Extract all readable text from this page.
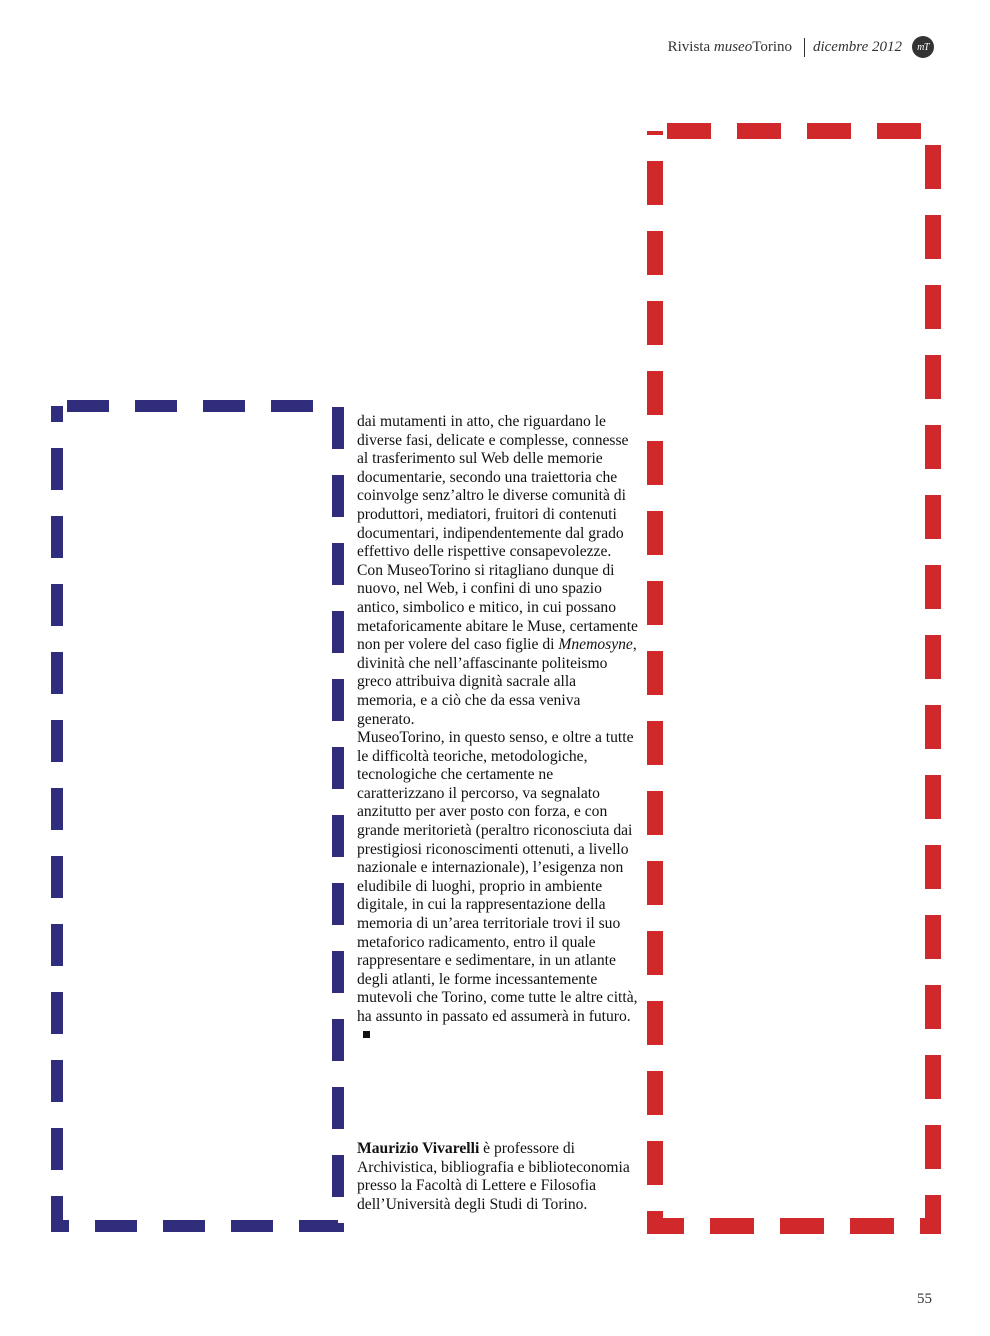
Rivista museoTorino dicembre 2012	mT

dai mutamenti in atto, che riguardano le diverse fasi, delicate e complesse, connesse al trasferimento sul Web delle memorie documentarie, secondo una traiettoria che coinvolge senz’altro le diverse comunità di produttori, mediatori, fruitori di contenuti documentari, indipendentemente dal grado effettivo delle rispettive consapevolezze. Con MuseoTorino si ritagliano dunque di nuovo, nel Web, i confini di uno spazio antico, simbolico e mitico, in cui possano metaforicamente abitare le Muse, certamente non per volere del caso figlie di Mnemosyne, divinità che nell’affascinante politeismo greco attribuiva dignità sacrale alla memoria, e a ciò che da essa veniva generato.

MuseoTorino, in questo senso, e oltre a tutte le difficoltà teoriche, metodologiche, tecnologiche che certamente ne caratterizzano il percorso, va segnalato anzitutto per aver posto con forza, e con grande meritorietà (peraltro riconosciuta dai prestigiosi riconoscimenti ottenuti, a livello nazionale e internazionale), l’esigenza non eludibile di luoghi, proprio in ambiente digitale, in cui la rappresentazione della memoria di un’area territoriale trovi il suo metaforico radicamento, entro il quale rappresentare e sedimentare, in un atlante degli atlanti, le forme incessantemente mutevoli che Torino, come tutte le altre città, ha assunto in passato ed assumerà in futuro.

Maurizio Vivarelli è professore di Archivistica, bibliografia e biblioteconomia presso la Facoltà di Lettere e Filosofia dell’Università degli Studi di Torino.
55
